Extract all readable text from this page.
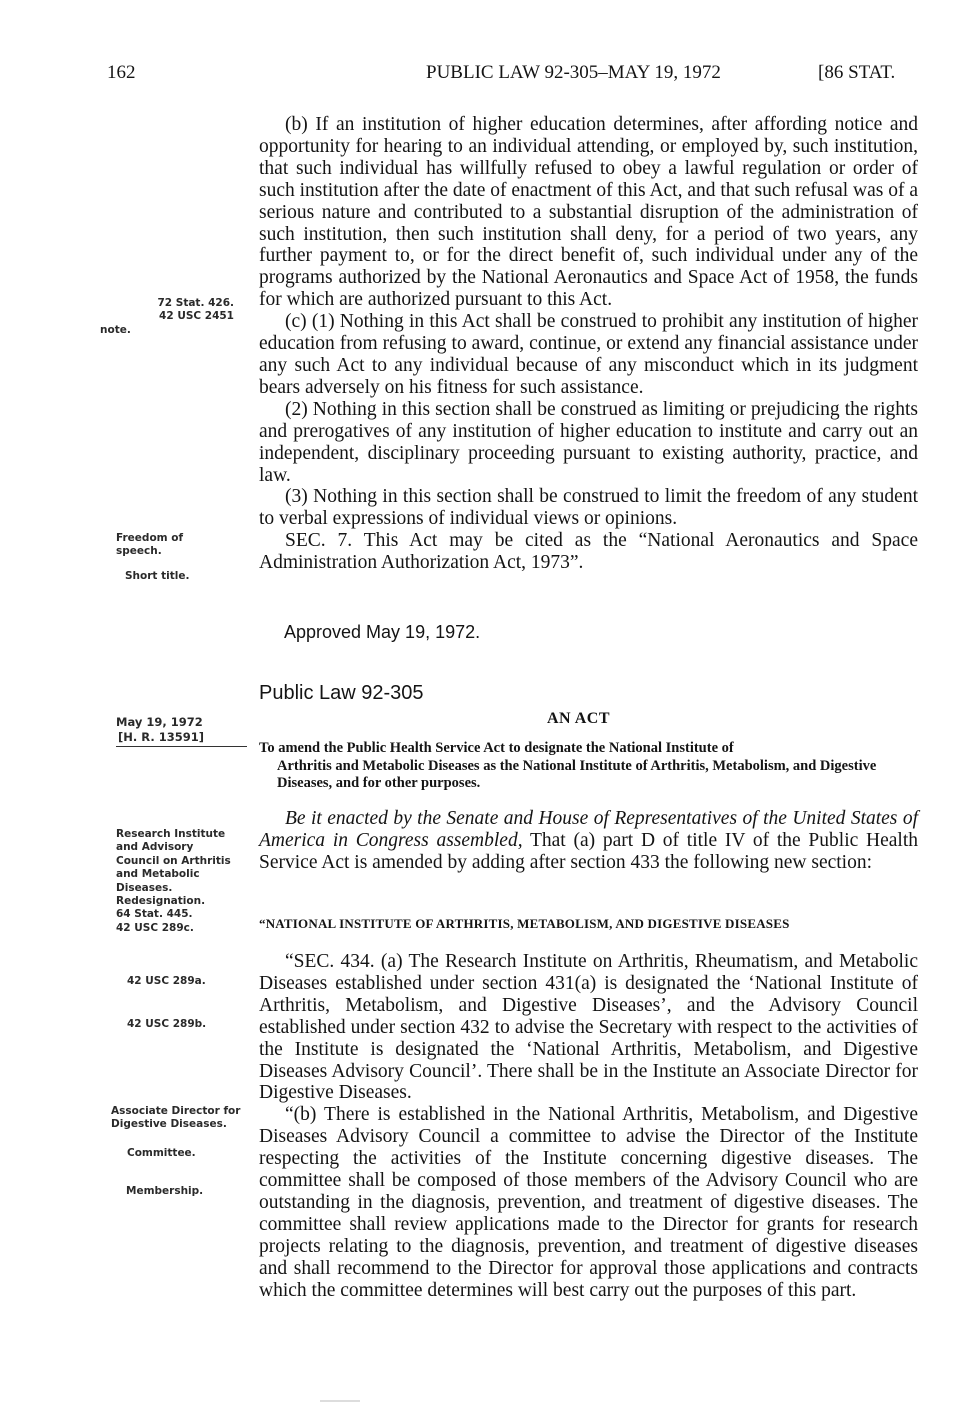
162	PUBLIC LAW 92-305–MAY 19, 1972	[86 STAT.
72 Stat. 426.
42 USC 2451
note.
Freedom of speech.
Short title.
May 19, 1972
[H. R. 13591]
Research Institute and Advisory Council on Arthritis and Metabolic Diseases.
Redesignation.
64 Stat. 445.
42 USC 289c.
42 USC 289a.
42 USC 289b.
Associate Director for Digestive Diseases.
Committee.
Membership.

(b) If an institution of higher education determines, after affording notice and opportunity for hearing to an individual attending, or employed by, such institution, that such individual has willfully refused to obey a lawful regulation or order of such institution after the date of enactment of this Act, and that such refusal was of a serious nature and contributed to a substantial disruption of the administration of such institution, then such institution shall deny, for a period of two years, any further payment to, or for the direct benefit of, such individual under any of the programs authorized by the National Aeronautics and Space Act of 1958, the funds for which are authorized pursuant to this Act.

(c) (1) Nothing in this Act shall be construed to prohibit any institution of higher education from refusing to award, continue, or extend any financial assistance under any such Act to any individual because of any misconduct which in its judgment bears adversely on his fitness for such assistance.

(2) Nothing in this section shall be construed as limiting or prejudicing the rights and prerogatives of any institution of higher education to institute and carry out an independent, disciplinary proceeding pursuant to existing authority, practice, and law.

(3) Nothing in this section shall be construed to limit the freedom of any student to verbal expressions of individual views or opinions.

SEC. 7. This Act may be cited as the “National Aeronautics and Space Administration Authorization Act, 1973”.

Approved May 19, 1972.
Public Law 92-305
AN ACT
To amend the Public Health Service Act to designate the National Institute of
Arthritis and Metabolic Diseases as the National Institute of Arthritis, Metabolism, and Digestive Diseases, and for other purposes.
Be it enacted by the Senate and House of Representatives of the United States of America in Congress assembled, That (a) part D of title IV of the Public Health Service Act is amended by adding after section 433 the following new section:
“NATIONAL INSTITUTE OF ARTHRITIS, METABOLISM, AND DIGESTIVE DISEASES

“SEC. 434. (a) The Research Institute on Arthritis, Rheumatism, and Metabolic Diseases established under section 431(a) is designated the ‘National Institute of Arthritis, Metabolism, and Digestive Diseases’, and the Advisory Council established under section 432 to advise the Secretary with respect to the activities of the Institute is designated the ‘National Arthritis, Metabolism, and Digestive Diseases Advisory Council’. There shall be in the Institute an Associate Director for Digestive Diseases.

“(b) There is established in the National Arthritis, Metabolism, and Digestive Diseases Advisory Council a committee to advise the Director of the Institute respecting the activities of the Institute concerning digestive diseases. The committee shall be composed of those members of the Advisory Council who are outstanding in the diagnosis, prevention, and treatment of digestive diseases. The committee shall review applications made to the Director for grants for research projects relating to the diagnosis, prevention, and treatment of digestive diseases and shall recommend to the Director for approval those applications and contracts which the committee determines will best carry out the purposes of this part.
